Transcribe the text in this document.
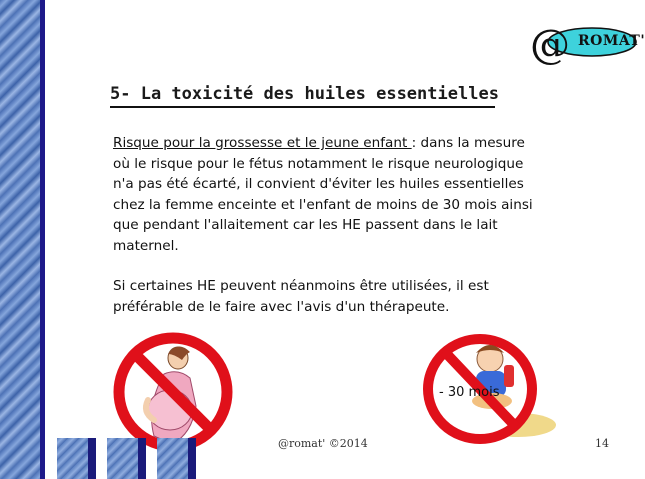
@ ROMAT'
5- La toxicité des huiles essentielles

Risque pour la grossesse et le jeune enfant : dans la mesure où le risque pour le fétus notamment le risque neurologique n'a pas été écarté, il convient d'éviter les huiles essentielles chez la femme enceinte et l'enfant de moins de 30 mois ainsi que pendant l'allaitement car les HE passent dans le lait maternel.

Si certaines HE peuvent néanmoins être utilisées, il est préférable de le faire avec l'avis d'un thérapeute.

- 30 mois
@romat' ©2014	14
